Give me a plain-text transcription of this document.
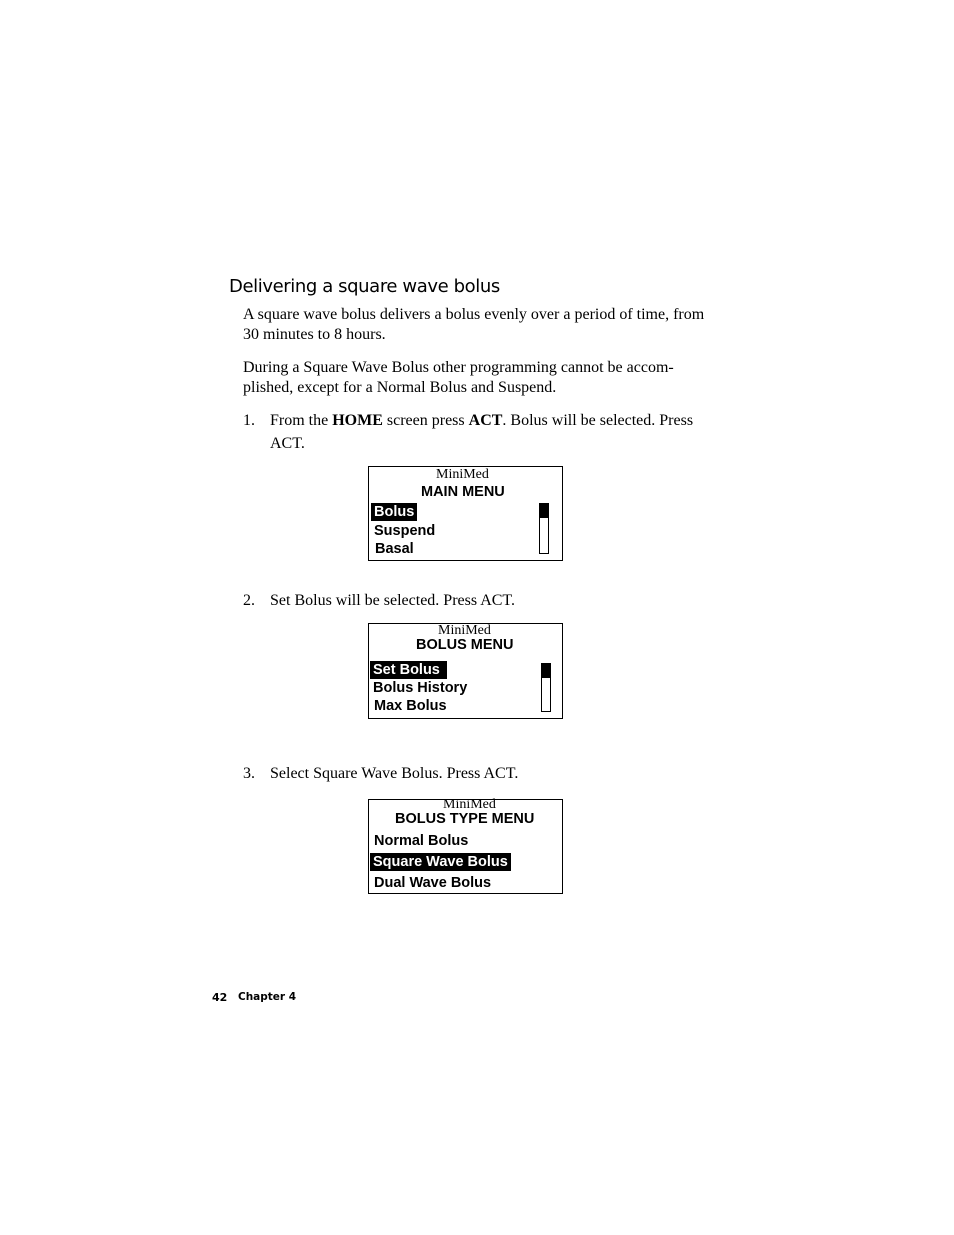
Delivering a square wave bolus
A square wave bolus delivers a bolus evenly over a period of time, from 30 minutes to 8 hours.
During a Square Wave Bolus other programming cannot be accom-plished, except for a Normal Bolus and Suspend.
1. From the HOME screen press ACT. Bolus will be selected. Press ACT.
MiniMed
MAIN MENU
Bolus
Suspend
Basal
2. Set Bolus will be selected. Press ACT.
MiniMed
BOLUS MENU
Set Bolus
Bolus History
Max Bolus
3. Select Square Wave Bolus. Press ACT.
MiniMed
BOLUS TYPE MENU
Normal Bolus
Square Wave Bolus
Dual Wave Bolus
42 Chapter 4
